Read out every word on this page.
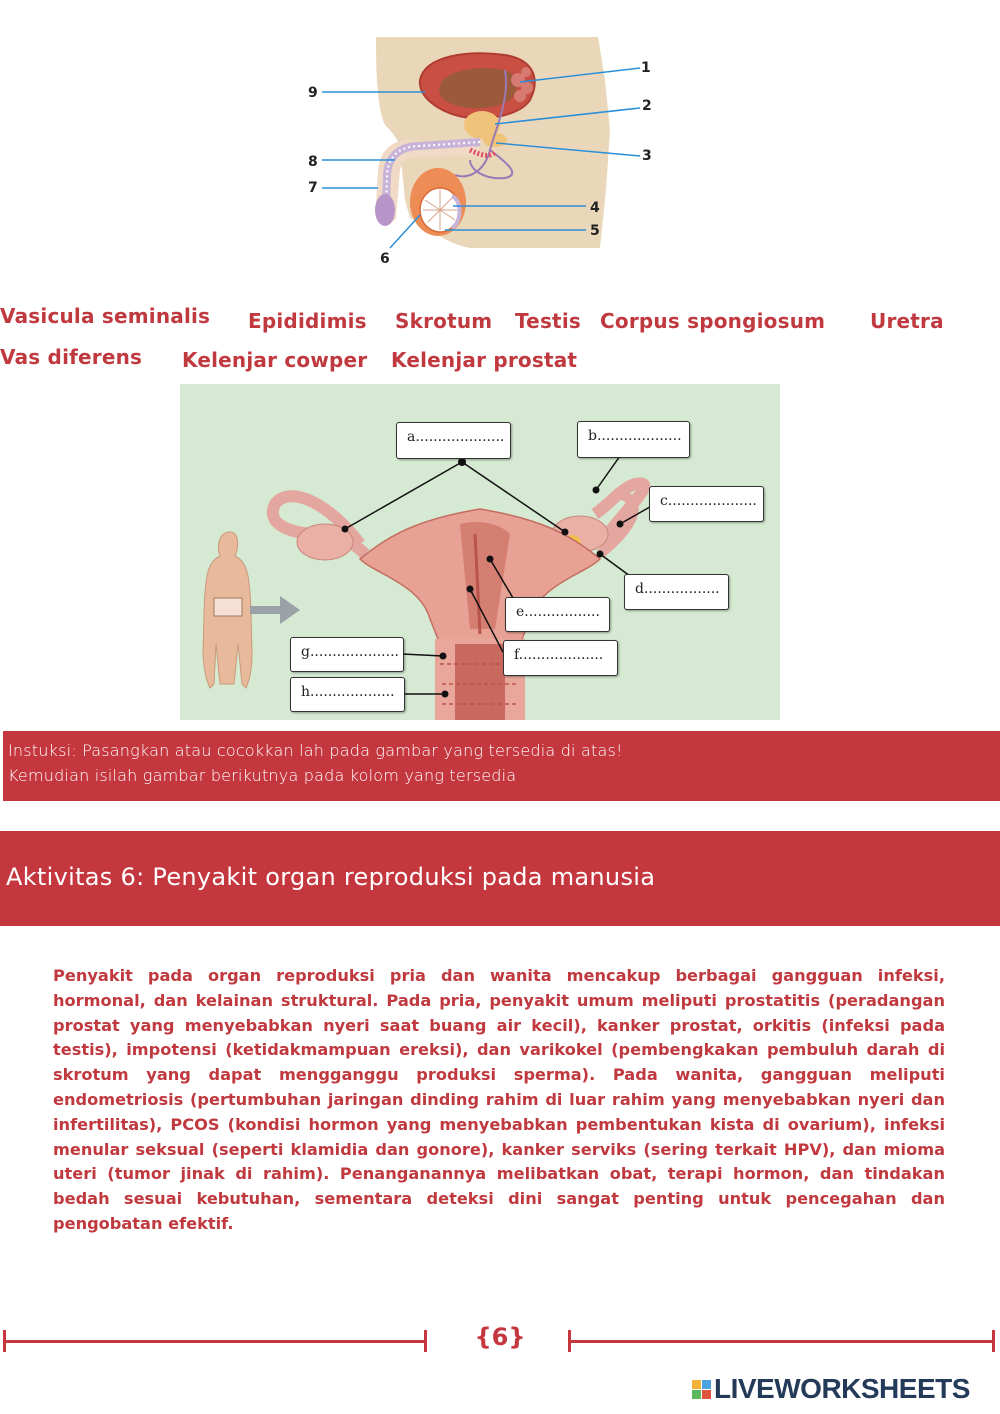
1
2
3
4
5
6
7
8
9
Vasicula seminalis Epididimis Skrotum Testis Corpus spongiosum Uretra
Vas diferens Kelenjar cowper Kelenjar prostat
a....................	b...................
c....................
d.................
e.................
f...................
g....................
h...................
Instuksi: Pasangkan atau cocokkan lah pada gambar yang tersedia di atas!
Kemudian isilah gambar berikutnya pada kolom yang tersedia
Aktivitas 6: Penyakit organ reproduksi pada manusia
Penyakit pada organ reproduksi pria dan wanita mencakup berbagai gangguan infeksi, hormonal, dan kelainan struktural. Pada pria, penyakit umum meliputi prostatitis (peradangan prostat yang menyebabkan nyeri saat buang air kecil), kanker prostat, orkitis (infeksi pada testis), impotensi (ketidakmampuan ereksi), dan varikokel (pembengkakan pembuluh darah di skrotum yang dapat mengganggu produksi sperma). Pada wanita, gangguan meliputi endometriosis (pertumbuhan jaringan dinding rahim di luar rahim yang menyebabkan nyeri dan infertilitas), PCOS (kondisi hormon yang menyebabkan pembentukan kista di ovarium), infeksi menular seksual (seperti klamidia dan gonore), kanker serviks (sering terkait HPV), dan mioma uteri (tumor jinak di rahim). Penanganannya melibatkan obat, terapi hormon, dan tindakan bedah sesuai kebutuhan, sementara deteksi dini sangat penting untuk pencegahan dan pengobatan efektif.
{6}
LIVEWORKSHEETS
